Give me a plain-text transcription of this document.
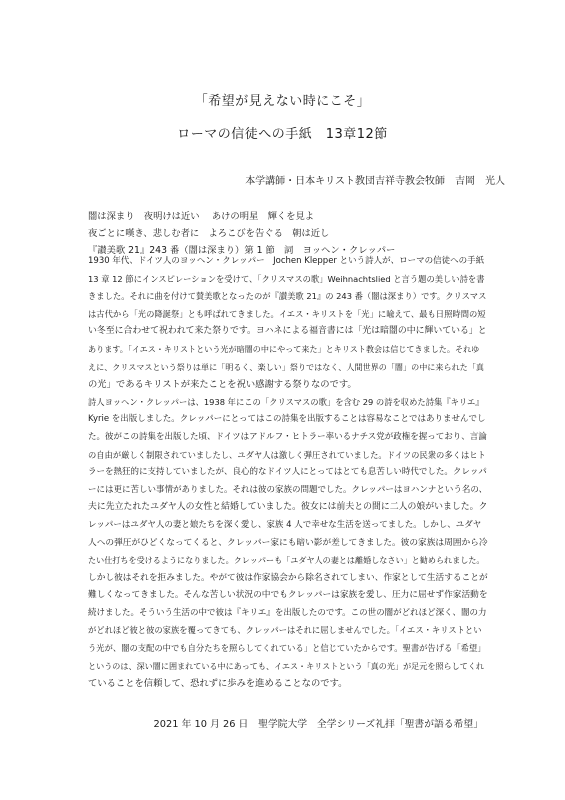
「希望が見えない時にこそ」
ローマの信徒への手紙　13章12節
本学講師・日本キリスト教団吉祥寺教会牧師　吉岡　光人
闇は深まり　夜明けは近い　 あけの明星　輝くを見よ
夜ごとに嘆き、悲しむ者に　よろこびを告ぐる　朝は近し
『讃美歌 21』243 番（闇は深まり）第 1 節　詞　ヨッヘン・クレッパー
1930 年代、ドイツ人のヨッヘン・クレッパー　Jochen Klepper という詩人が、ローマの信徒への手紙
13 章 12 節にインスピレーションを受けて、「クリスマスの歌」Weihnachtslied と言う題の美しい詩を書
きました。それに曲を付けて賛美歌となったのが『讃美歌 21』の 243 番（闇は深まり）です。クリスマス
は古代から「光の降誕祭」とも呼ばれてきました。イエス・キリストを「光」に喩えて、最も日照時間の短
い冬至に合わせて祝われて来た祭りです。ヨハネによる福音書には「光は暗闇の中に輝いている」と
あります。「イエス・キリストという光が暗闇の中にやって来た」とキリスト教会は信じてきました。それゆ
えに、クリスマスという祭りは単に「明るく、楽しい」祭りではなく、人間世界の「闇」の中に来られた「真
の光」であるキリストが来たことを祝い感謝する祭りなのです。
詩人ヨッヘン・クレッパーは、1938 年にこの「クリスマスの歌」を含む 29 の詩を収めた詩集『キリエ』
Kyrie を出版しました。クレッパーにとってはこの詩集を出版することは容易なことではありませんでし
た。彼がこの詩集を出版した頃、ドイツはアドルフ・ヒトラー率いるナチス党が政権を握っており、言論
の自由が厳しく制限されていましたし、ユダヤ人は激しく弾圧されていました。ドイツの民衆の多くはヒト
ラーを熱狂的に支持していましたが、良心的なドイツ人にとってはとても息苦しい時代でした。クレッパ
ーには更に苦しい事情がありました。それは彼の家族の問題でした。クレッパーはヨハンナという名の、
夫に先立たれたユダヤ人の女性と結婚していました。彼女には前夫との間に二人の娘がいました。ク
レッパーはユダヤ人の妻と娘たちを深く愛し、家族 4 人で幸せな生活を送ってました。しかし、ユダヤ
人への弾圧がひどくなってくると、クレッパー家にも暗い影が差してきました。彼の家族は周囲から冷
たい仕打ちを受けるようになりました。クレッパーも「ユダヤ人の妻とは離婚しなさい」と勧められました。
しかし彼はそれを拒みました。やがて彼は作家協会から除名されてしまい、作家として生活することが
難しくなってきました。そんな苦しい状況の中でもクレッパーは家族を愛し、圧力に屈せず作家活動を
続けました。そういう生活の中で彼は『キリエ』を出版したのです。この世の闇がどれほど深く、闇の力
がどれほど彼と彼の家族を覆ってきても、クレッパーはそれに屈しませんでした。「イエス・キリストとい
う光が、闇の支配の中でも自分たちを照らしてくれている」と信じていたからです。聖書が告げる「希望」
というのは、深い闇に囲まれている中にあっても、イエス・キリストという「真の光」が足元を照らしてくれ
ていることを信頼して、恐れずに歩みを進めることなのです。
2021 年 10 月 26 日　聖学院大学　全学シリーズ礼拝「聖書が語る希望」
